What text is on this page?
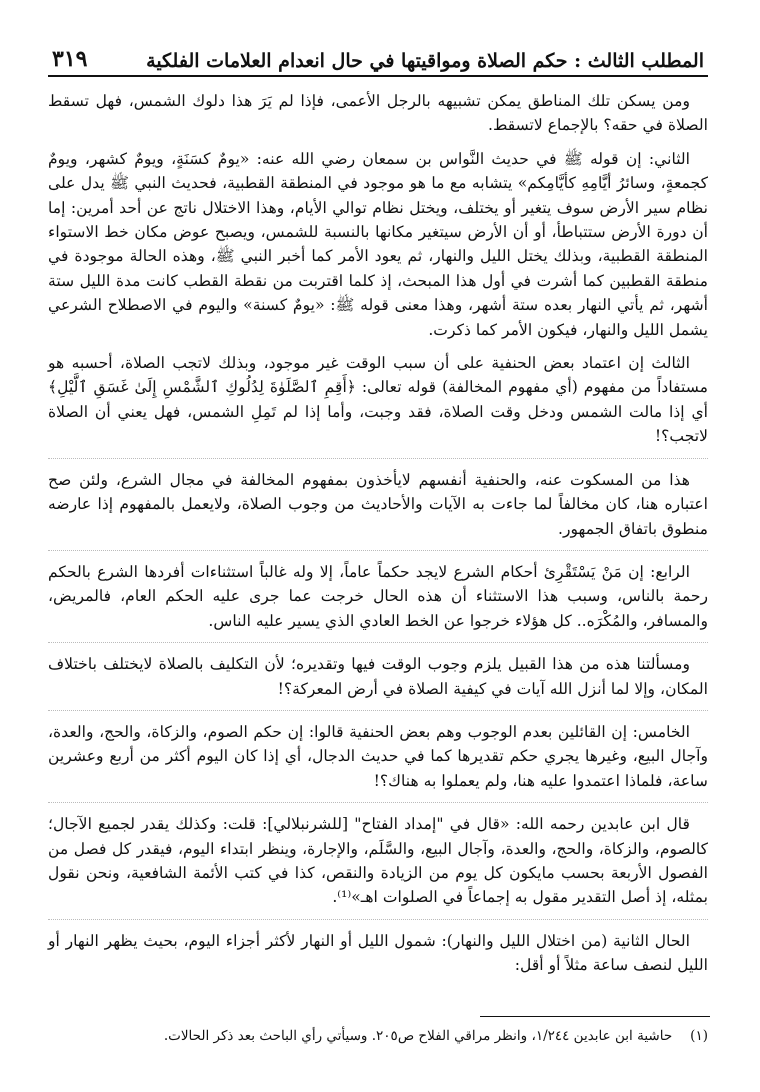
المطلب الثالث : حكم الصلاة ومواقيتها في حال انعدام العلامات الفلكية
٣١٩

ومن يسكن تلك المناطق يمكن تشبيهه بالرجل الأعمى، فإذا لم يَرَ هذا دلوك الشمس، فهل تسقط الصلاة في حقه؟ بالإجماع لاتسقط.

الثاني: إن قوله ﷺ في حديث النَّواس بن سمعان رضي الله عنه: «يومٌ كسَنَةٍ، ويومٌ كشهر، ويومٌ كجمعةٍ، وسائرُ أيَّامِهِ كأيَّامِكم» يتشابه مع ما هو موجود في المنطقة القطبية، فحديث النبي ﷺ يدل على نظام سير الأرض سوف يتغير أو يختلف، ويختل نظام توالي الأيام، وهذا الاختلال ناتج عن أحد أمرين: إما أن دورة الأرض ستتباطأ، أو أن الأرض سيتغير مكانها بالنسبة للشمس، ويصبح عوض مكان خط الاستواء المنطقة القطبية، وبذلك يختل الليل والنهار، ثم يعود الأمر كما أخبر النبي ﷺ، وهذه الحالة موجودة في منطقة القطبين كما أشرت في أول هذا المبحث، إذ كلما اقتربت من نقطة القطب كانت مدة الليل ستة أشهر، ثم يأتي النهار بعده ستة أشهر، وهذا معنى قوله ﷺ: «يومٌ كسنة» واليوم في الاصطلاح الشرعي يشمل الليل والنهار، فيكون الأمر كما ذكرت.

الثالث إن اعتماد بعض الحنفية على أن سبب الوقت غير موجود، وبذلك لاتجب الصلاة، أحسبه هو مستفاداً من مفهوم (أي مفهوم المخالفة) قوله تعالى: ﴿أَقِمِ ٱلصَّلَوٰةَ لِدُلُوكِ ٱلشَّمْسِ إِلَىٰ غَسَقِ ٱلَّيْلِ﴾ أي إذا مالت الشمس ودخل وقت الصلاة، فقد وجبت، وأما إذا لم تَمِلِ الشمس، فهل يعني أن الصلاة لاتجب؟!

هذا من المسكوت عنه، والحنفية أنفسهم لايأخذون بمفهوم المخالفة في مجال الشرع، ولئن صح اعتباره هنا، كان مخالفاً لما جاءت به الآيات والأحاديث من وجوب الصلاة، ولايعمل بالمفهوم إذا عارضه منطوق باتفاق الجمهور.

الرابع: إن مَنْ يَسْتَقْرِئ أحكام الشرع لايجد حكماً عاماً، إلا وله غالباً استثناءات أفردها الشرع بالحكم رحمة بالناس، وسبب هذا الاستثناء أن هذه الحال خرجت عما جرى عليه الحكم العام، فالمريض، والمسافر، والمُكْرَه.. كل هؤلاء خرجوا عن الخط العادي الذي يسير عليه الناس.

ومسألتنا هذه من هذا القبيل يلزم وجوب الوقت فيها وتقديره؛ لأن التكليف بالصلاة لايختلف باختلاف المكان، وإلا لما أنزل الله آيات في كيفية الصلاة في أرض المعركة؟!

الخامس: إن القائلين بعدم الوجوب وهم بعض الحنفية قالوا: إن حكم الصوم، والزكاة، والحج، والعدة، وآجال البيع، وغيرها يجري حكم تقديرها كما في حديث الدجال، أي إذا كان اليوم أكثر من أربع وعشرين ساعة، فلماذا اعتمدوا عليه هنا، ولم يعملوا به هناك؟!

قال ابن عابدين رحمه الله: «قال في "إمداد الفتاح" [للشرنبلالي]: قلت: وكذلك يقدر لجميع الآجال؛ كالصوم، والزكاة، والحج، والعدة، وآجال البيع، والسَّلَم، والإجارة، وينظر ابتداء اليوم، فيقدر كل فصل من الفصول الأربعة بحسب مايكون كل يوم من الزيادة والنقص، كذا في كتب الأئمة الشافعية، ونحن نقول بمثله، إذ أصل التقدير مقول به إجماعاً في الصلوات اهـ»⁽¹⁾.

الحال الثانية (من اختلال الليل والنهار): شمول الليل أو النهار لأكثر أجزاء اليوم، بحيث يظهر النهار أو الليل لنصف ساعة مثلاً أو أقل:

(١)
حاشية ابن عابدين ١/٢٤٤، وانظر مراقي الفلاح ص٢٠٥. وسيأتي رأي الباحث بعد ذكر الحالات.
